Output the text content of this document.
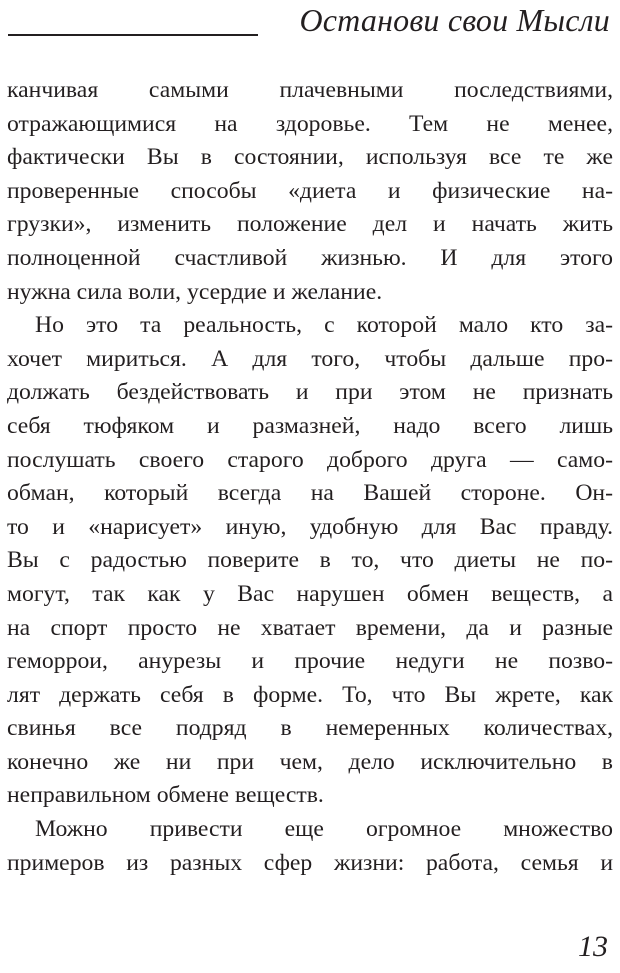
Останови свои Мысли

канчивая самыми плачевными последствиями,
отражающимися на здоровье. Тем не менее,
фактически Вы в состоянии, используя все те же
проверенные способы «диета и физические на-
грузки», изменить положение дел и начать жить
полноценной счастливой жизнью. И для этого
нужна сила воли, усердие и желание.

Но это та реальность, с которой мало кто за-
хочет мириться. А для того, чтобы дальше про-
должать бездействовать и при этом не признать
себя тюфяком и размазней, надо всего лишь
послушать своего старого доброго друга — само-
обман, который всегда на Вашей стороне. Он-
то и «нарисует» иную, удобную для Вас правду.
Вы с радостью поверите в то, что диеты не по-
могут, так как у Вас нарушен обмен веществ, а
на спорт просто не хватает времени, да и разные
геморрои, анурезы и прочие недуги не позво-
лят держать себя в форме. То, что Вы жрете, как
свинья все подряд в немеренных количествах,
конечно же ни при чем, дело исключительно в
неправильном обмене веществ.

Можно привести еще огромное множество
примеров из разных сфер жизни: работа, семья и

13
